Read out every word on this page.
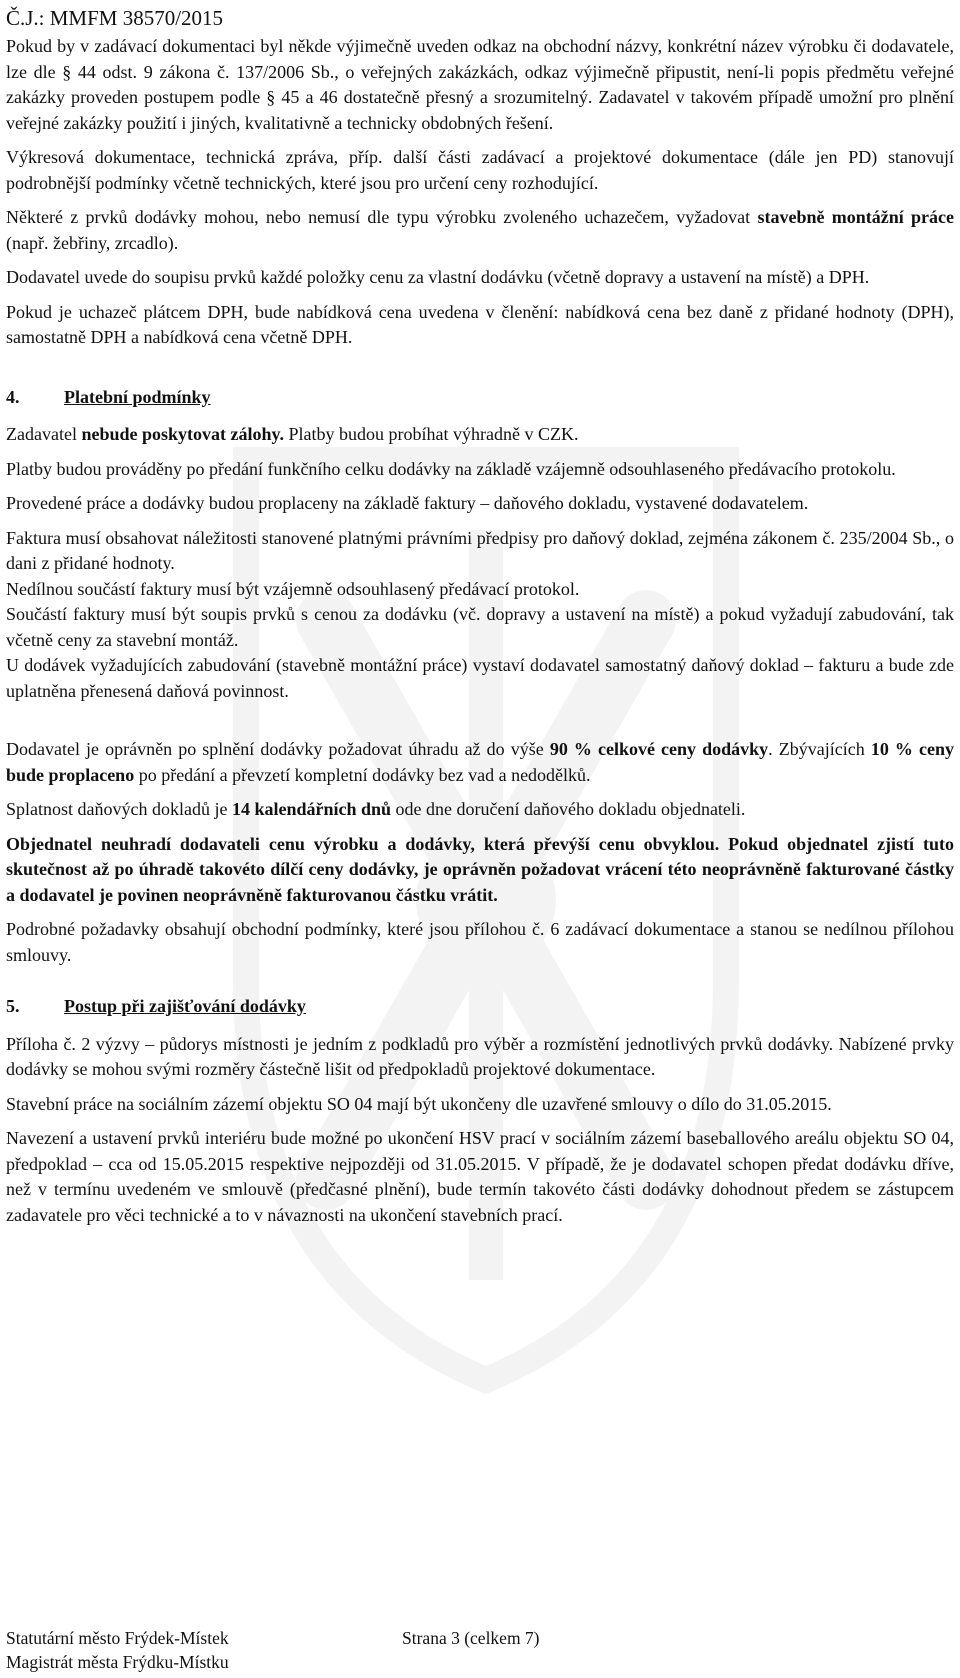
Č.J.: MMFM 38570/2015

Pokud by v zadávací dokumentaci byl někde výjimečně uveden odkaz na obchodní názvy, konkrétní název výrobku či dodavatele, lze dle § 44 odst. 9 zákona č. 137/2006 Sb., o veřejných zakázkách, odkaz výjimečně připustit, není-li popis předmětu veřejné zakázky proveden postupem podle § 45 a 46 dostatečně přesný a srozumitelný. Zadavatel v takovém případě umožní pro plnění veřejné zakázky použití i jiných, kvalitativně a technicky obdobných řešení.

Výkresová dokumentace, technická zpráva, příp. další části zadávací a projektové dokumentace (dále jen PD) stanovují podrobnější podmínky včetně technických, které jsou pro určení ceny rozhodující.

Některé z prvků dodávky mohou, nebo nemusí dle typu výrobku zvoleného uchazečem, vyžadovat stavebně montážní práce (např. žebřiny, zrcadlo).

Dodavatel uvede do soupisu prvků každé položky cenu za vlastní dodávku (včetně dopravy a ustavení na místě) a DPH.

Pokud je uchazeč plátcem DPH, bude nabídková cena uvedena v členění: nabídková cena bez daně z přidané hodnoty (DPH), samostatně DPH a nabídková cena včetně DPH.

4.	Platební podmínky

Zadavatel nebude poskytovat zálohy. Platby budou probíhat výhradně v CZK.

Platby budou prováděny po předání funkčního celku dodávky na základě vzájemně odsouhlaseného předávacího protokolu.

Provedené práce a dodávky budou proplaceny na základě faktury – daňového dokladu, vystavené dodavatelem.

Faktura musí obsahovat náležitosti stanovené platnými právními předpisy pro daňový doklad, zejména zákonem č. 235/2004 Sb., o dani z přidané hodnoty.

Nedílnou součástí faktury musí být vzájemně odsouhlasený předávací protokol.

Součástí faktury musí být soupis prvků s cenou za dodávku (vč. dopravy a ustavení na místě) a pokud vyžadují zabudování, tak včetně ceny za stavební montáž.

U dodávek vyžadujících zabudování (stavebně montážní práce) vystaví dodavatel samostatný daňový doklad – fakturu a bude zde uplatněna přenesená daňová povinnost.

Dodavatel je oprávněn po splnění dodávky požadovat úhradu až do výše 90 % celkové ceny dodávky. Zbývajících 10 % ceny bude proplaceno po předání a převzetí kompletní dodávky bez vad a nedodělků.

Splatnost daňových dokladů je 14 kalendářních dnů ode dne doručení daňového dokladu objednateli.

Objednatel neuhradí dodavateli cenu výrobku a dodávky, která převýší cenu obvyklou. Pokud objednatel zjistí tuto skutečnost až po úhradě takovéto dílčí ceny dodávky, je oprávněn požadovat vrácení této neoprávněně fakturované částky a dodavatel je povinen neoprávněně fakturovanou částku vrátit.

Podrobné požadavky obsahují obchodní podmínky, které jsou přílohou č. 6 zadávací dokumentace a stanou se nedílnou přílohou smlouvy.

5.	Postup při zajišťování dodávky

Příloha č. 2 výzvy – půdorys místnosti je jedním z podkladů pro výběr a rozmístění jednotlivých prvků dodávky. Nabízené prvky dodávky se mohou svými rozměry částečně lišit od předpokladů projektové dokumentace.

Stavební práce na sociálním zázemí objektu SO 04 mají být ukončeny dle uzavřené smlouvy o dílo do 31.05.2015.

Navezení a ustavení prvků interiéru bude možné po ukončení HSV prací v sociálním zázemí baseballového areálu objektu SO 04, předpoklad – cca od 15.05.2015 respektive nejpozději od 31.05.2015. V případě, že je dodavatel schopen předat dodávku dříve, než v termínu uvedeném ve smlouvě (předčasné plnění), bude termín takovéto části dodávky dohodnout předem se zástupcem zadavatele pro věci technické a to v návaznosti na ukončení stavebních prací.

Statutární město Frýdek-Místek	Strana 3 (celkem 7)
Magistrát města Frýdku-Místku
